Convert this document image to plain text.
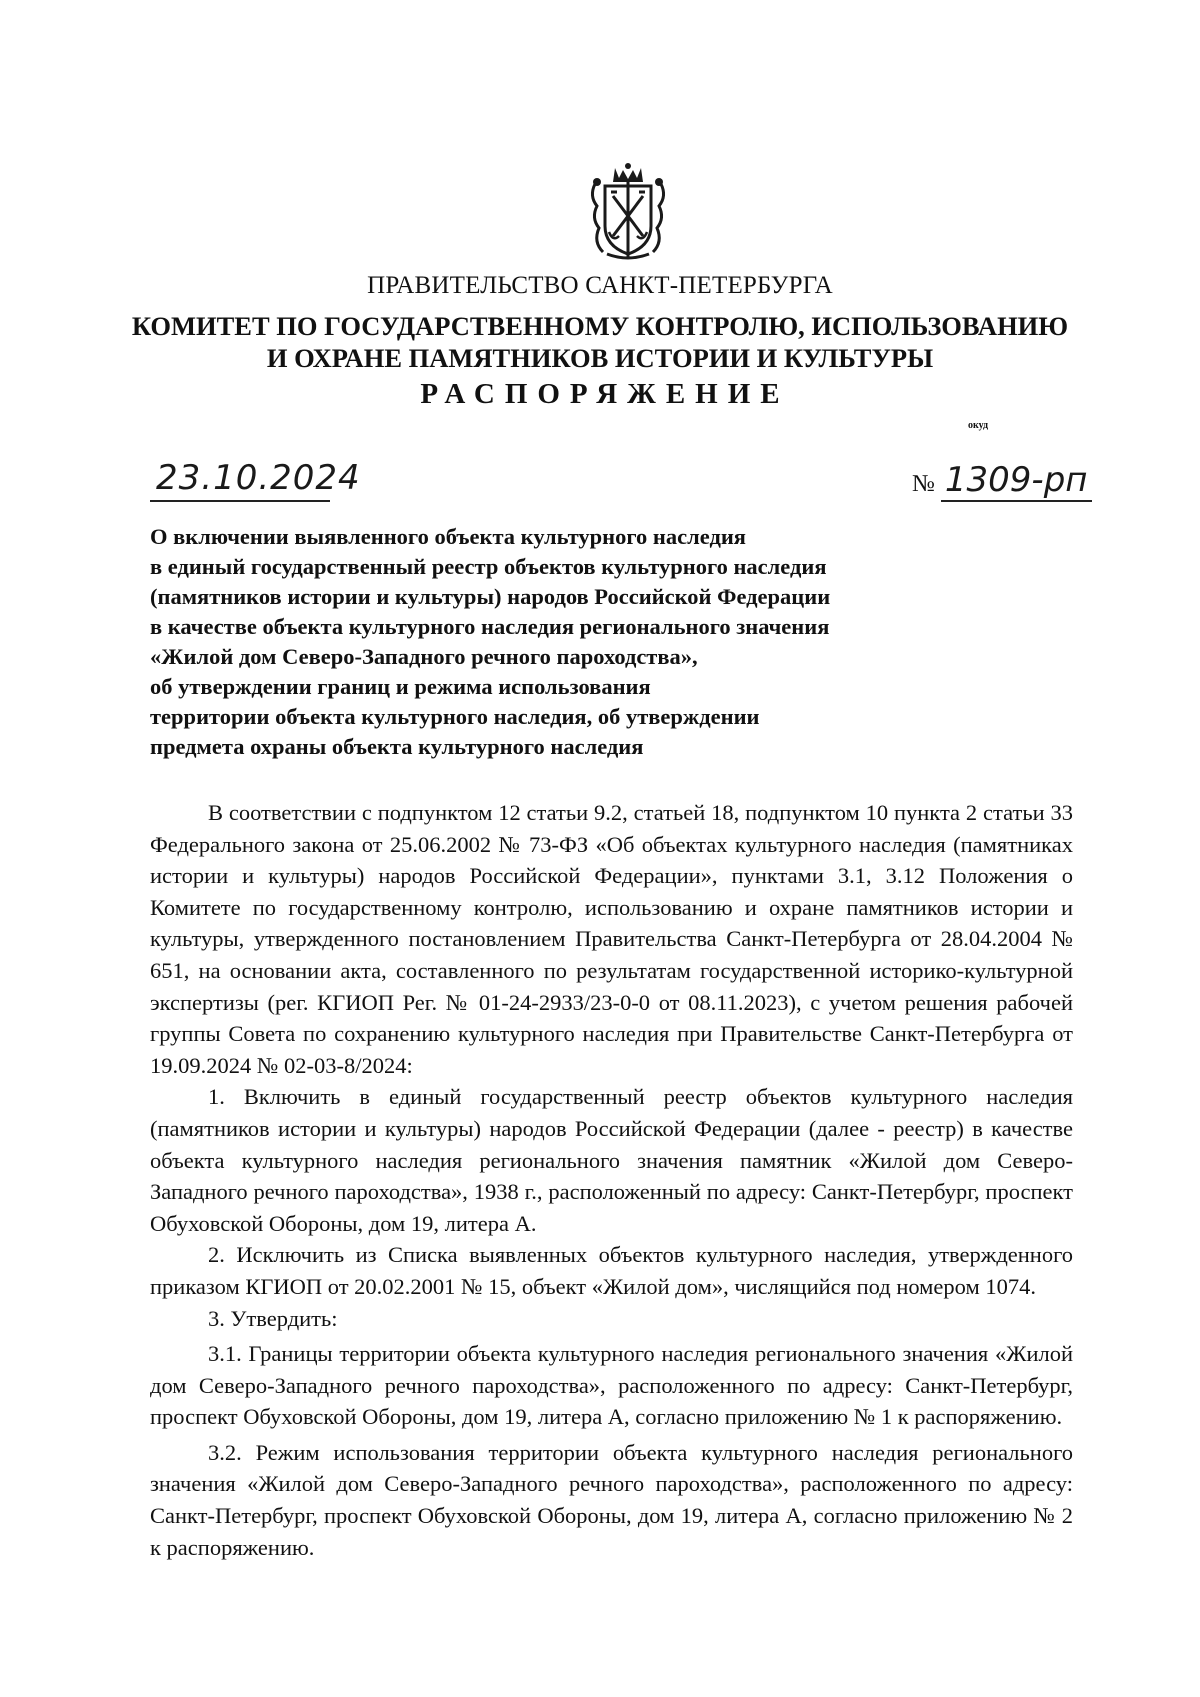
ПРАВИТЕЛЬСТВО САНКТ-ПЕТЕРБУРГА
КОМИТЕТ ПО ГОСУДАРСТВЕННОМУ КОНТРОЛЮ, ИСПОЛЬЗОВАНИЮ
И ОХРАНЕ ПАМЯТНИКОВ ИСТОРИИ И КУЛЬТУРЫ
РАСПОРЯЖЕНИЕ
окуд
23.10.2024	№ 1309-рп
О включении выявленного объекта культурного наследия
в единый государственный реестр объектов культурного наследия
(памятников истории и культуры) народов Российской Федерации
в качестве объекта культурного наследия регионального значения
«Жилой дом Северо-Западного речного пароходства»,
об утверждении границ и режима использования
территории объекта культурного наследия, об утверждении
предмета охраны объекта культурного наследия

В соответствии с подпунктом 12 статьи 9.2, статьей 18, подпунктом 10 пункта 2 статьи 33 Федерального закона от 25.06.2002 № 73-ФЗ «Об объектах культурного наследия (памятниках истории и культуры) народов Российской Федерации», пунктами 3.1, 3.12 Положения о Комитете по государственному контролю, использованию и охране памятников истории и культуры, утвержденного постановлением Правительства Санкт-Петербурга от 28.04.2004 № 651, на основании акта, составленного по результатам государственной историко-культурной экспертизы (рег. КГИОП Рег. № 01-24-2933/23-0-0 от 08.11.2023), с учетом решения рабочей группы Совета по сохранению культурного наследия при Правительстве Санкт-Петербурга от 19.09.2024 № 02-03-8/2024:

1. Включить в единый государственный реестр объектов культурного наследия (памятников истории и культуры) народов Российской Федерации (далее - реестр) в качестве объекта культурного наследия регионального значения памятник «Жилой дом Северо-Западного речного пароходства», 1938 г., расположенный по адресу: Санкт-Петербург, проспект Обуховской Обороны, дом 19, литера А.

2. Исключить из Списка выявленных объектов культурного наследия, утвержденного приказом КГИОП от 20.02.2001 № 15, объект «Жилой дом», числящийся под номером 1074.

3. Утвердить:

3.1. Границы территории объекта культурного наследия регионального значения «Жилой дом Северо-Западного речного пароходства», расположенного по адресу: Санкт-Петербург, проспект Обуховской Обороны, дом 19, литера А, согласно приложению № 1 к распоряжению.

3.2. Режим использования территории объекта культурного наследия регионального значения «Жилой дом Северо-Западного речного пароходства», расположенного по адресу: Санкт-Петербург, проспект Обуховской Обороны, дом 19, литера А, согласно приложению № 2 к распоряжению.
